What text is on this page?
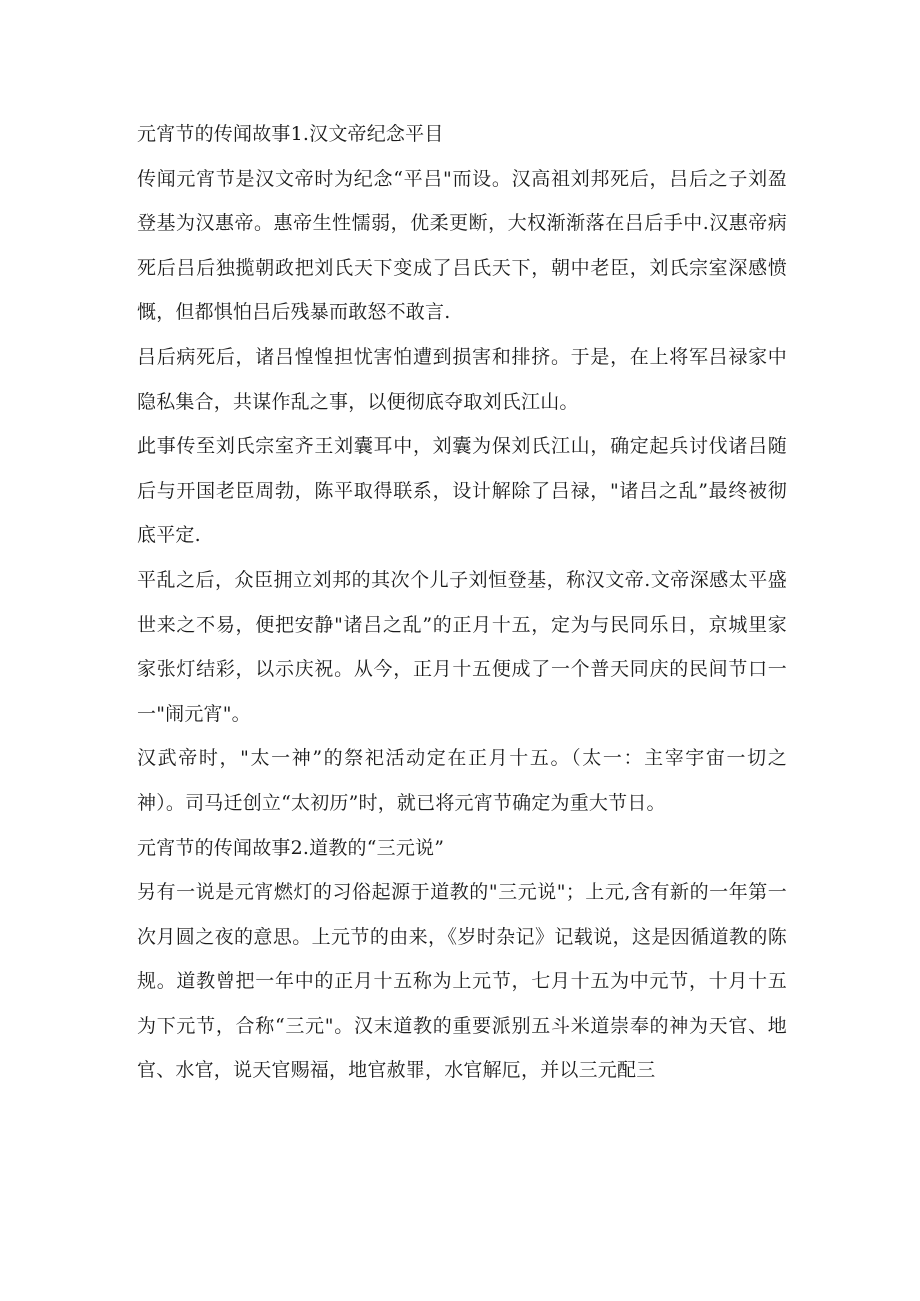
元宵节的传闻故事1.汉文帝纪念平目

传闻元宵节是汉文帝时为纪念“平吕"而设。汉高祖刘邦死后，吕后之子刘盈登基为汉惠帝。惠帝生性懦弱，优柔更断，大权渐渐落在吕后手中.汉惠帝病死后吕后独揽朝政把刘氏天下变成了吕氏天下，朝中老臣，刘氏宗室深感愤慨，但都惧怕吕后残暴而敢怒不敢言.

吕后病死后，诸吕惶惶担忧害怕遭到损害和排挤。于是，在上将军吕禄家中隐私集合，共谋作乱之事，以便彻底夺取刘氏江山。

此事传至刘氏宗室齐王刘囊耳中，刘囊为保刘氏江山，确定起兵讨伐诸吕随后与开国老臣周勃，陈平取得联系，设计解除了吕禄，"诸吕之乱”最终被彻底平定.

平乱之后，众臣拥立刘邦的其次个儿子刘恒登基，称汉文帝.文帝深感太平盛世来之不易，便把安静"诸吕之乱”的正月十五，定为与民同乐日，京城里家家张灯结彩，以示庆祝。从今，正月十五便成了一个普天同庆的民间节口一一"闹元宵"。

汉武帝时，"太一神”的祭祀活动定在正月十五。（太一：主宰宇宙一切之神）。司马迁创立“太初历”时，就已将元宵节确定为重大节日。

元宵节的传闻故事2.道教的“三元说”

另有一说是元宵燃灯的习俗起源于道教的"三元说"；上元,含有新的一年第一次月圆之夜的意思。上元节的由来，《岁时杂记》记载说，这是因循道教的陈规。道教曾把一年中的正月十五称为上元节，七月十五为中元节，十月十五为下元节，合称“三元"。汉末道教的重要派别五斗米道崇奉的神为天官、地官、水官，说天官赐福，地官赦罪，水官解厄，并以三元配三
